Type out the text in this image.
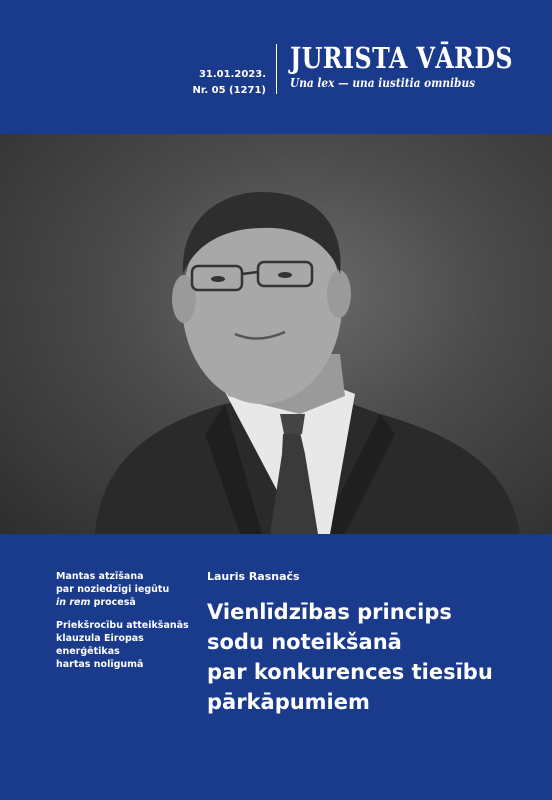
31.01.2023.
Nr. 05 (1271)
JURISTA VĀRDS
Una lex — una iustitia omnibus
Mantas atzīšana
par noziedzīgi iegūtu
in rem procesā
Priekšrocību atteikšanās
klauzula Eiropas enerģētikas
hartas nolīgumā
Lauris Rasnačs
Vienlīdzības princips
sodu noteikšanā
par konkurences tiesību
pārkāpumiem
